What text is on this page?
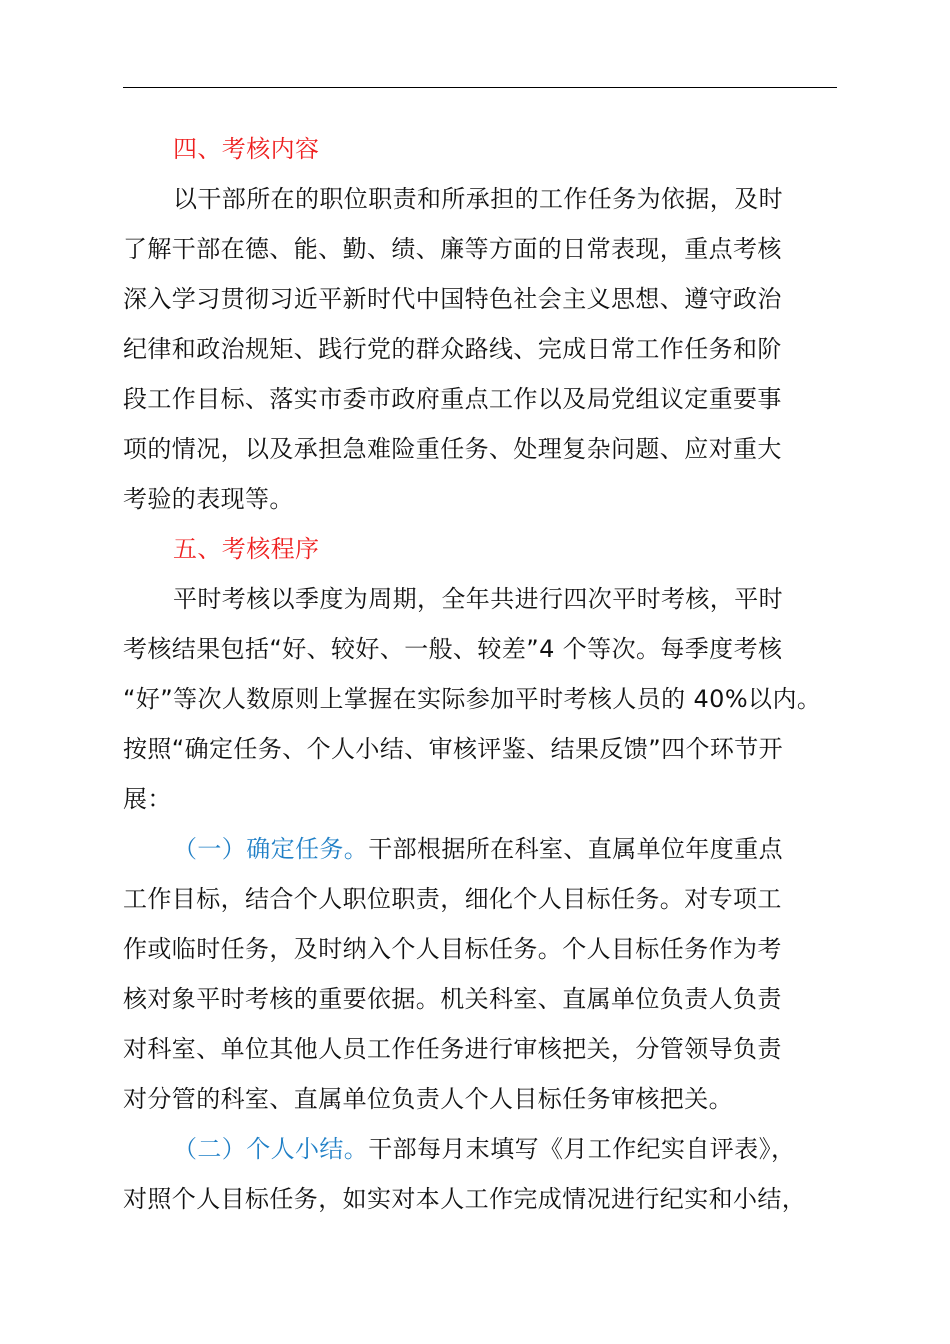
四、考核内容
以干部所在的职位职责和所承担的工作任务为依据，及时
了解干部在德、能、勤、绩、廉等方面的日常表现，重点考核
深入学习贯彻习近平新时代中国特色社会主义思想、遵守政治
纪律和政治规矩、践行党的群众路线、完成日常工作任务和阶
段工作目标、落实市委市政府重点工作以及局党组议定重要事
项的情况，以及承担急难险重任务、处理复杂问题、应对重大
考验的表现等。
五、考核程序
平时考核以季度为周期，全年共进行四次平时考核，平时
考核结果包括“好、较好、一般、较差”4 个等次。每季度考核
“好”等次人数原则上掌握在实际参加平时考核人员的 40%以内。
按照“确定任务、个人小结、审核评鉴、结果反馈”四个环节开
展：
（一）确定任务。干部根据所在科室、直属单位年度重点
工作目标，结合个人职位职责，细化个人目标任务。对专项工
作或临时任务，及时纳入个人目标任务。个人目标任务作为考
核对象平时考核的重要依据。机关科室、直属单位负责人负责
对科室、单位其他人员工作任务进行审核把关，分管领导负责
对分管的科室、直属单位负责人个人目标任务审核把关。
（二）个人小结。干部每月末填写《月工作纪实自评表》，
对照个人目标任务，如实对本人工作完成情况进行纪实和小结，
